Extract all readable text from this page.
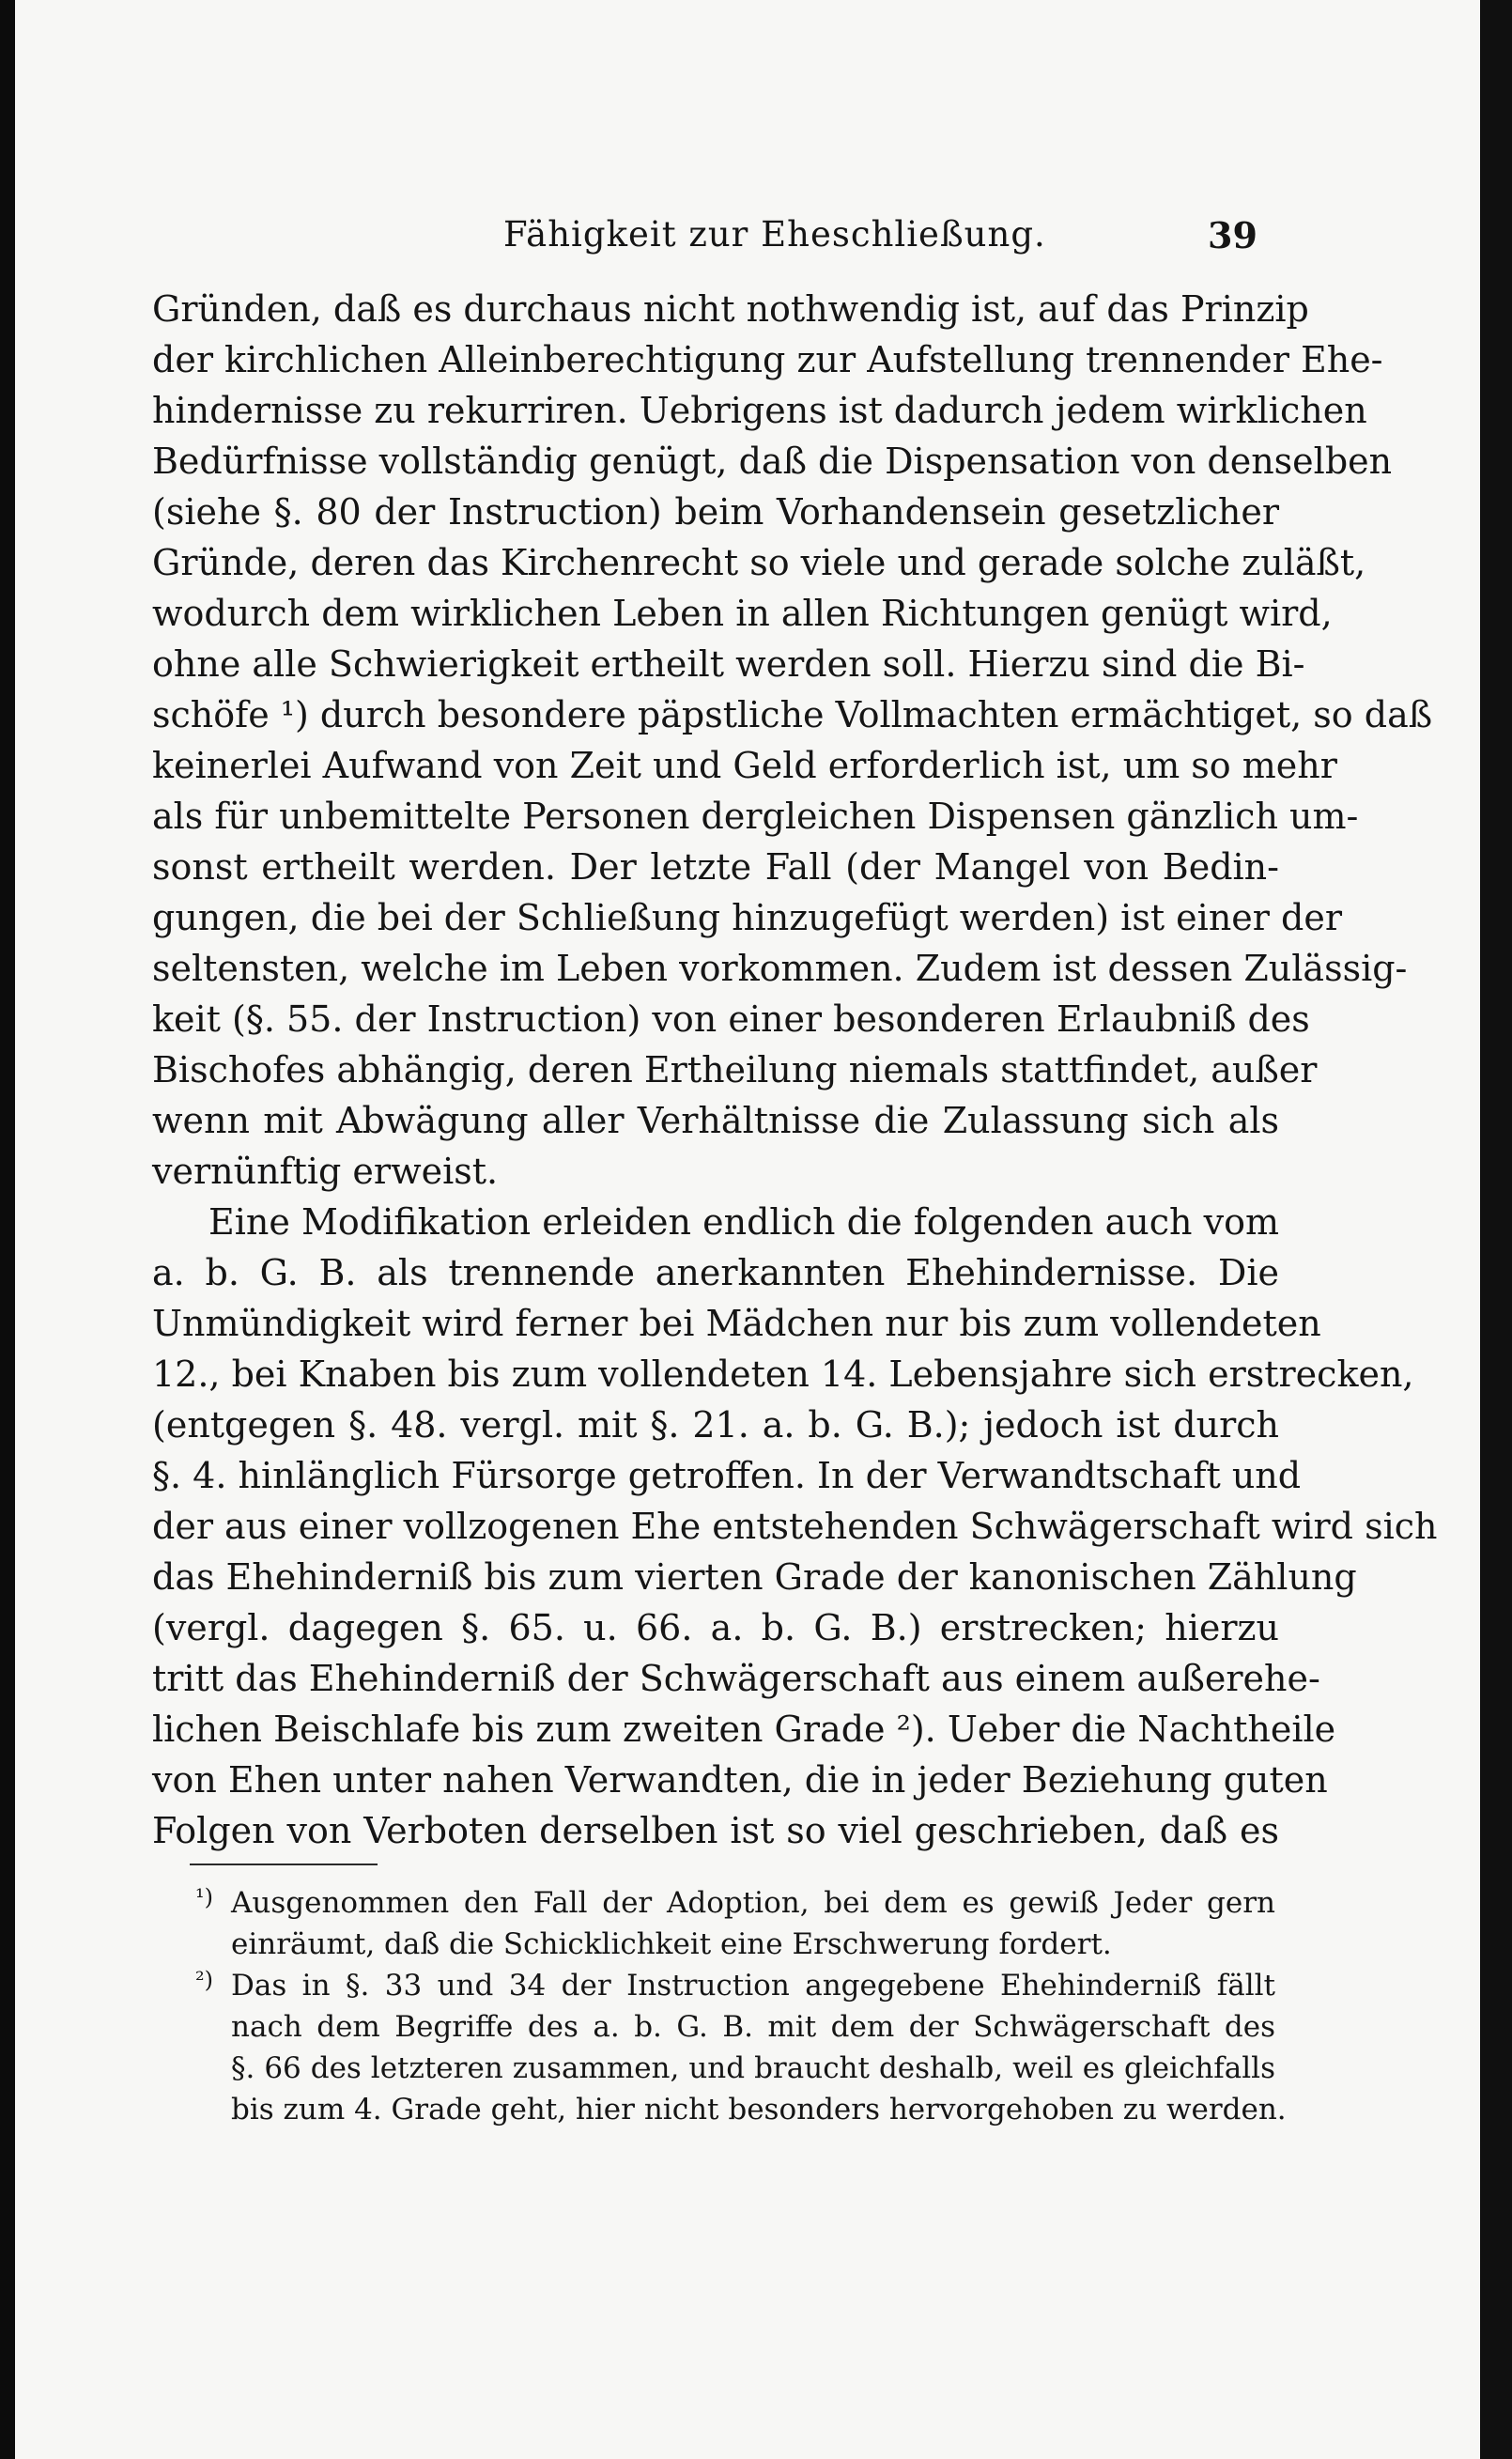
Fähigkeit zur Eheschließung.	39
Gründen, daß es durchaus nicht nothwendig ist, auf das Prinzip
der kirchlichen Alleinberechtigung zur Aufstellung trennender Ehe-
hindernisse zu rekurriren. Uebrigens ist dadurch jedem wirklichen
Bedürfnisse vollständig genügt, daß die Dispensation von denselben
(siehe §. 80 der Instruction) beim Vorhandensein gesetzlicher
Gründe, deren das Kirchenrecht so viele und gerade solche zuläßt,
wodurch dem wirklichen Leben in allen Richtungen genügt wird,
ohne alle Schwierigkeit ertheilt werden soll. Hierzu sind die Bi-
schöfe ¹) durch besondere päpstliche Vollmachten ermächtiget, so daß
keinerlei Aufwand von Zeit und Geld erforderlich ist, um so mehr
als für unbemittelte Personen dergleichen Dispensen gänzlich um-
sonst ertheilt werden. Der letzte Fall (der Mangel von Bedin-
gungen, die bei der Schließung hinzugefügt werden) ist einer der
seltensten, welche im Leben vorkommen. Zudem ist dessen Zulässig-
keit (§. 55. der Instruction) von einer besonderen Erlaubniß des
Bischofes abhängig, deren Ertheilung niemals stattfindet, außer
wenn mit Abwägung aller Verhältnisse die Zulassung sich als
vernünftig erweist.
Eine Modifikation erleiden endlich die folgenden auch vom
a. b. G. B. als trennende anerkannten Ehehindernisse. Die
Unmündigkeit wird ferner bei Mädchen nur bis zum vollendeten
12., bei Knaben bis zum vollendeten 14. Lebensjahre sich erstrecken,
(entgegen §. 48. vergl. mit §. 21. a. b. G. B.); jedoch ist durch
§. 4. hinlänglich Fürsorge getroffen. In der Verwandtschaft und
der aus einer vollzogenen Ehe entstehenden Schwägerschaft wird sich
das Ehehinderniß bis zum vierten Grade der kanonischen Zählung
(vergl. dagegen §. 65. u. 66. a. b. G. B.) erstrecken; hierzu
tritt das Ehehinderniß der Schwägerschaft aus einem außerehe-
lichen Beischlafe bis zum zweiten Grade ²). Ueber die Nachtheile
von Ehen unter nahen Verwandten, die in jeder Beziehung guten
Folgen von Verboten derselben ist so viel geschrieben, daß es
¹) Ausgenommen den Fall der Adoption, bei dem es gewiß Jeder gern
einräumt, daß die Schicklichkeit eine Erschwerung fordert.
²) Das in §. 33 und 34 der Instruction angegebene Ehehinderniß fällt
nach dem Begriffe des a. b. G. B. mit dem der Schwägerschaft des
§. 66 des letzteren zusammen, und braucht deshalb, weil es gleichfalls
bis zum 4. Grade geht, hier nicht besonders hervorgehoben zu werden.
